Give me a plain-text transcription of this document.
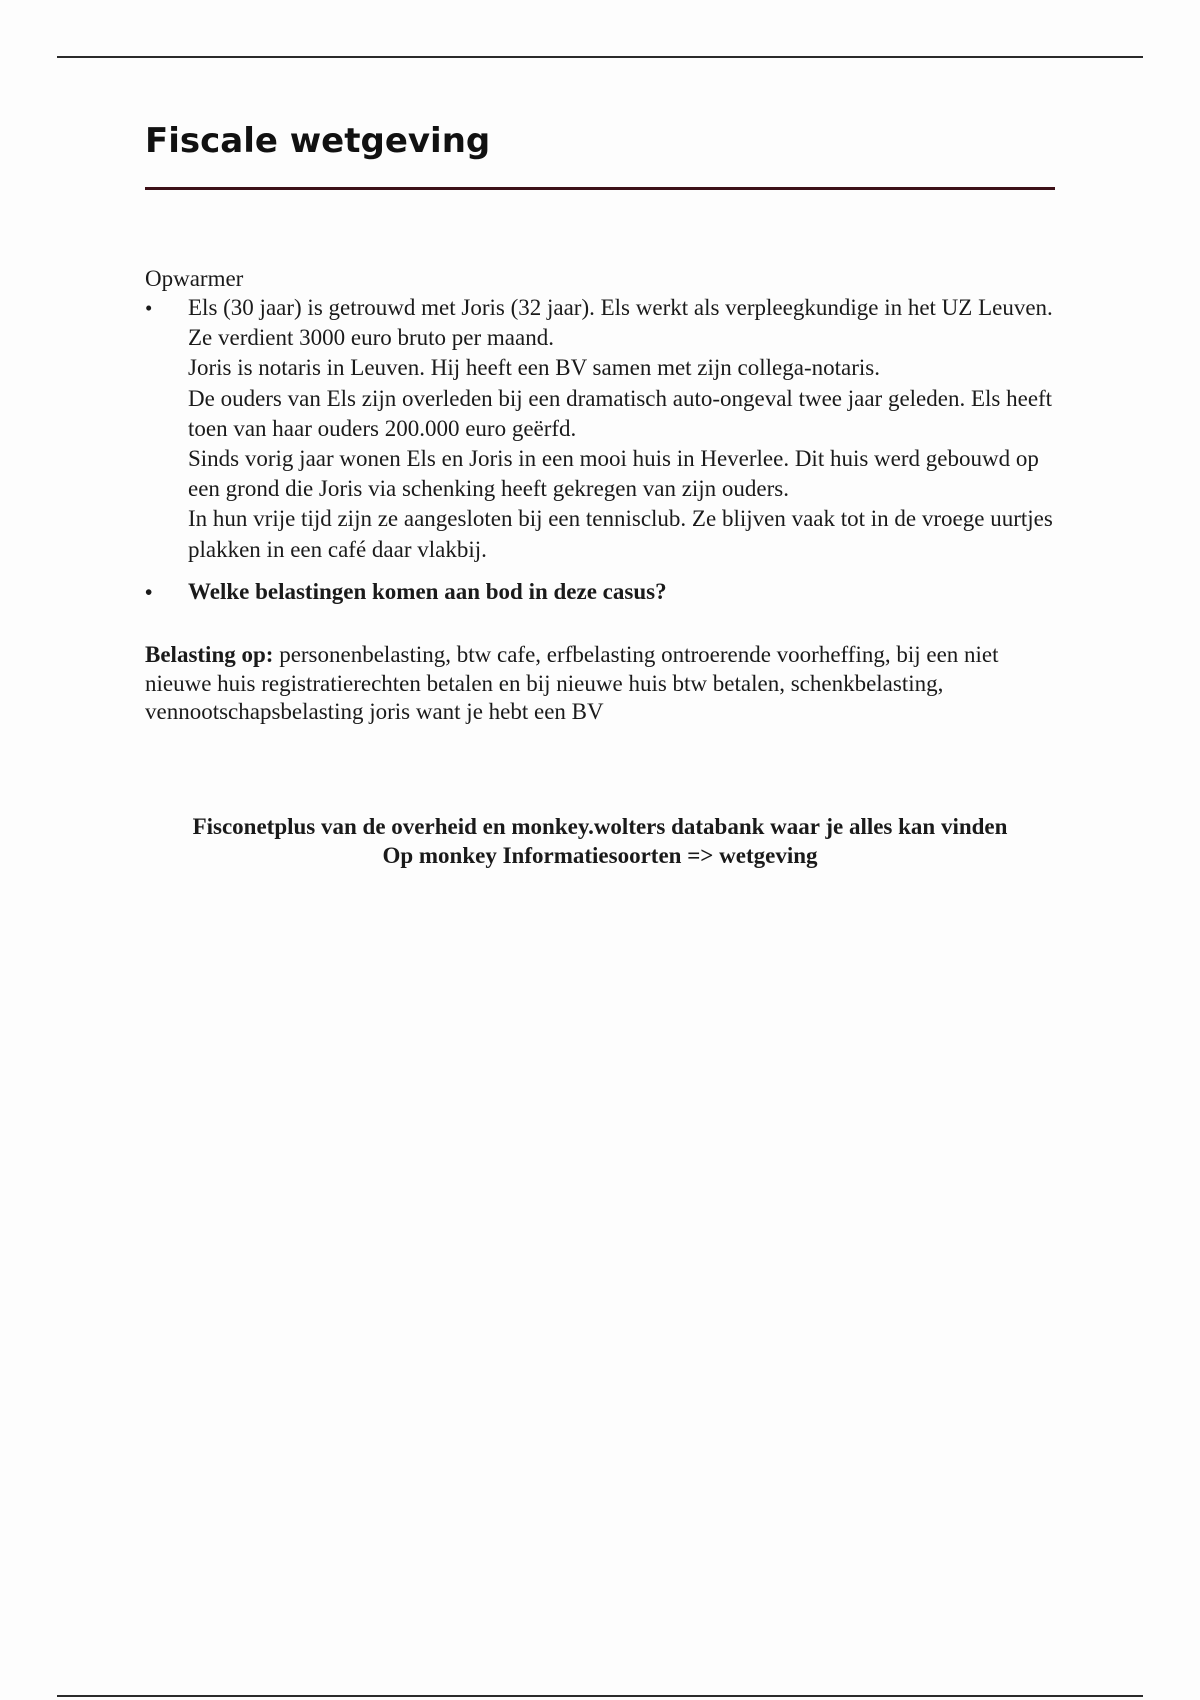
Fiscale wetgeving
Opwarmer
• Els (30 jaar) is getrouwd met Joris (32 jaar). Els werkt als verpleegkundige in het UZ Leuven. Ze verdient 3000 euro bruto per maand.

Joris is notaris in Leuven. Hij heeft een BV samen met zijn collega-notaris.

De ouders van Els zijn overleden bij een dramatisch auto-ongeval twee jaar geleden. Els heeft toen van haar ouders 200.000 euro geërfd.

Sinds vorig jaar wonen Els en Joris in een mooi huis in Heverlee. Dit huis werd gebouwd op een grond die Joris via schenking heeft gekregen van zijn ouders.

In hun vrije tijd zijn ze aangesloten bij een tennisclub. Ze blijven vaak tot in de vroege uurtjes plakken in een café daar vlakbij.

• Welke belastingen komen aan bod in deze casus?

Belasting op: personenbelasting, btw cafe, erfbelasting ontroerende voorheffing, bij een niet nieuwe huis registratierechten betalen en bij nieuwe huis btw betalen, schenkbelasting, vennootschapsbelasting joris want je hebt een BV

Fisconetplus van de overheid en monkey.wolters databank waar je alles kan vinden

Op monkey Informatiesoorten => wetgeving
